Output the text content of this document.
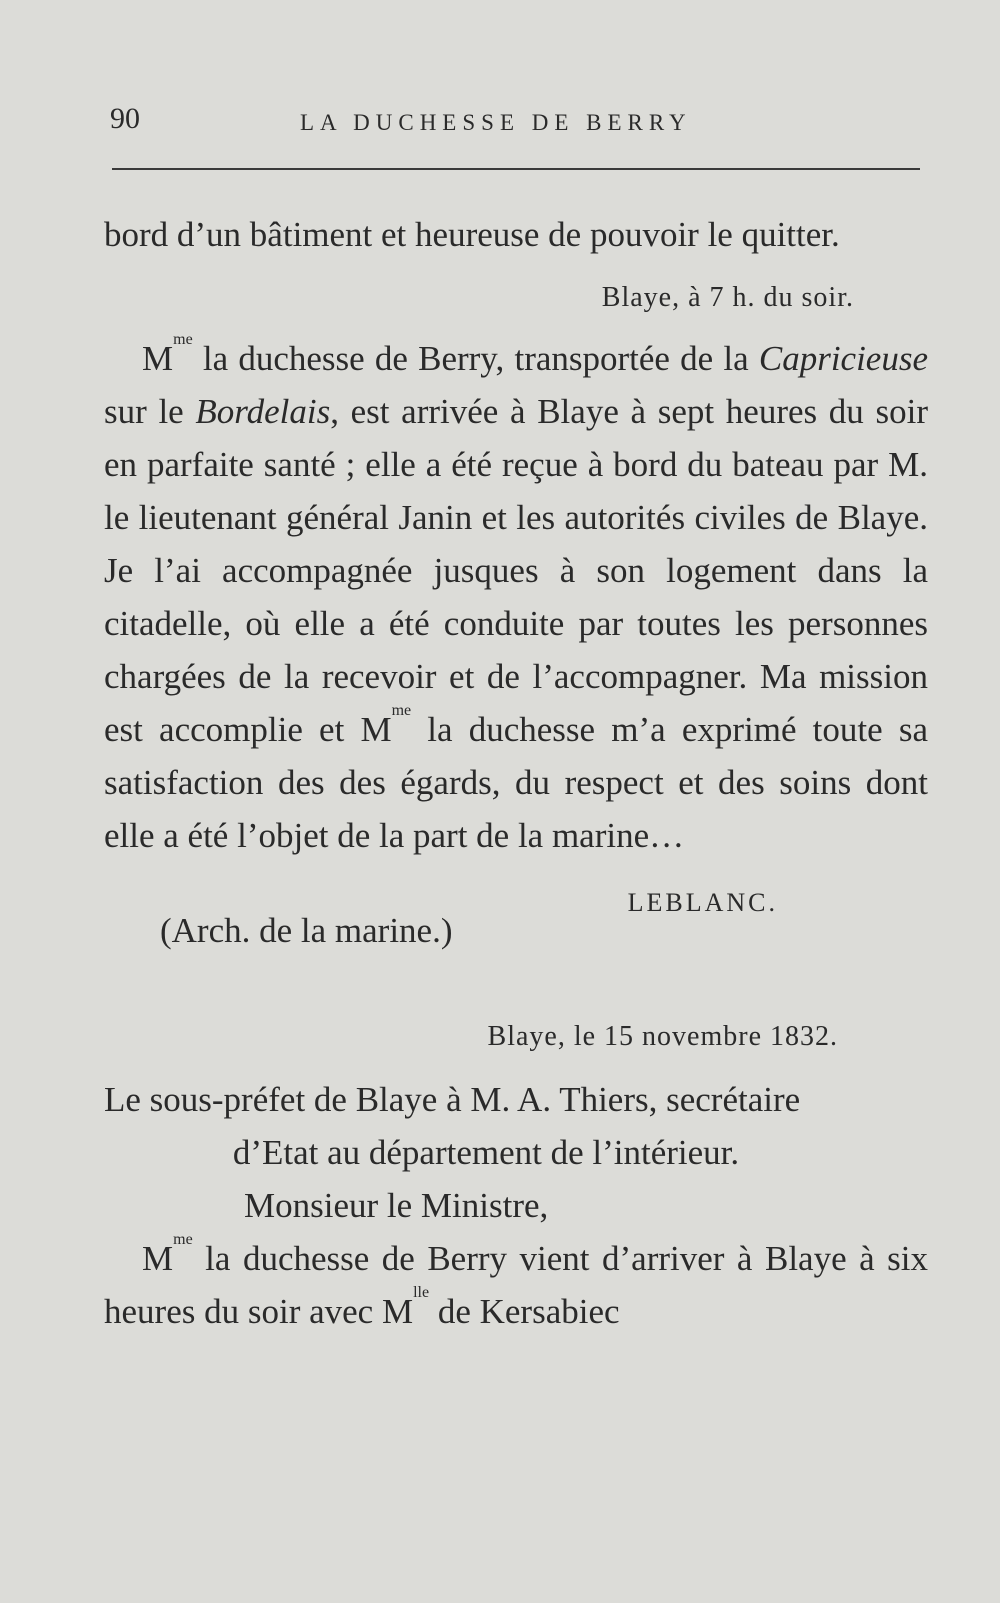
90	LA DUCHESSE DE BERRY

bord d’un bâtiment et heureuse de pouvoir le quitter.

Blaye, à 7 h. du soir.

$M^{me}$ la duchesse de Berry, transportée de la Capricieuse sur le Bordelais, est arrivée à Blaye à sept heures du soir en parfaite santé ; elle a été reçue à bord du bateau par M. le lieutenant général Janin et les autorités civiles de Blaye. Je l’ai accompagnée jusques à son logement dans la citadelle, où elle a été conduite par toutes les personnes chargées de la recevoir et de l’accompagner. Ma mission est accomplie et $M^{me}$ la duchesse m’a exprimé toute sa satisfaction des des égards, du respect et des soins dont elle a été l’objet de la part de la marine…

LEBLANC.
(Arch. de la marine.)
Blaye, le 15 novembre 1832.

Le sous-préfet de Blaye à M. A. Thiers, secrétaire

d’Etat au département de l’intérieur.

Monsieur le Ministre,

$M^{me}$ la duchesse de Berry vient d’arriver à Blaye à six heures du soir avec $M^{lle}$ de Kersabiec
